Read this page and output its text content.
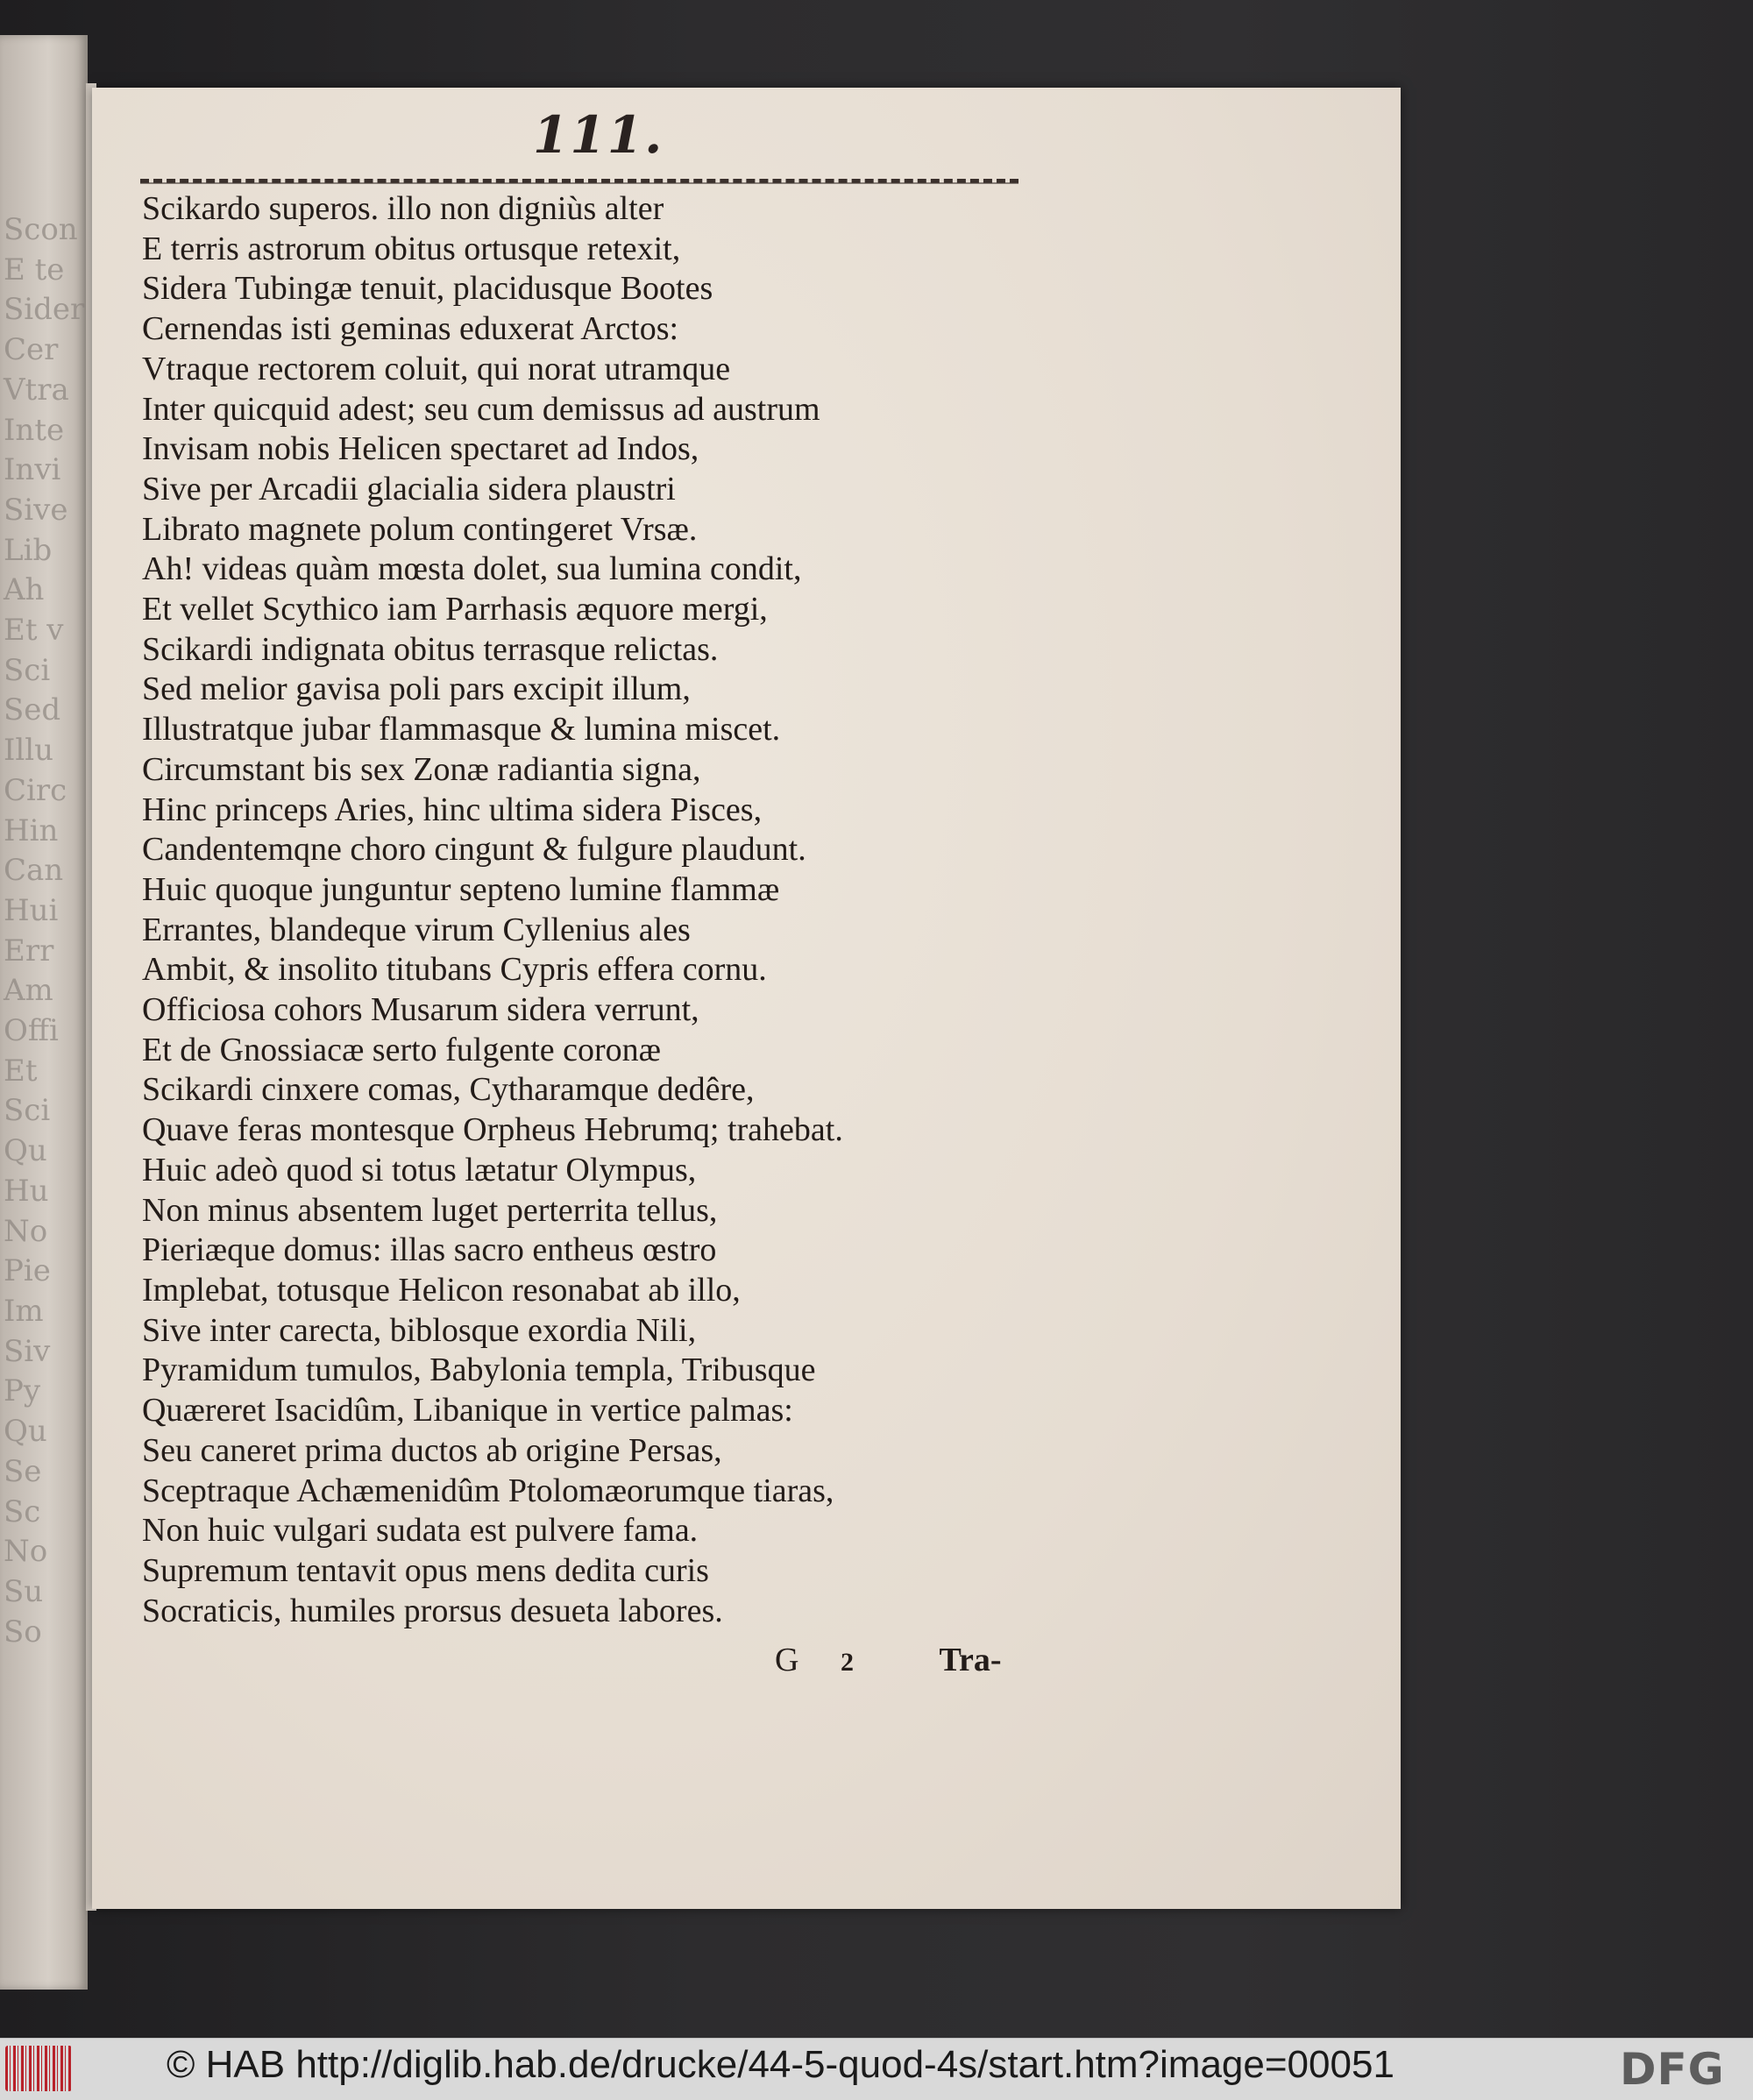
Scon
E te
Sider
Cer
Vtra
Inte
Invi
Sive
Lib
Ah
Et v
Sci
Sed
Illu
Circ
Hin
Can
Hui
Err
Am
Offi
Et
Sci
Qu
Hu
No
Pie
Im
Siv
Py
Qu
Se
Sc
No
Su
So
111.
Scikardo superos. illo non digniùs alter
E terris astrorum obitus ortusque retexit,
Sidera Tubingæ tenuit, placidusque Bootes
Cernendas isti geminas eduxerat Arctos:
Vtraque rectorem coluit, qui norat utramque
Inter quicquid adest; seu cum demissus ad austrum
Invisam nobis Helicen spectaret ad Indos,
Sive per Arcadii glacialia sidera plaustri
Librato magnete polum contingeret Vrsæ.
Ah! videas quàm mœsta dolet, sua lumina condit,
Et vellet Scythico iam Parrhasis æquore mergi,
Scikardi indignata obitus terrasque relictas.
Sed melior gavisa poli pars excipit illum,
Illustratque jubar flammasque & lumina miscet.
Circumstant bis sex Zonæ radiantia signa,
Hinc princeps Aries, hinc ultima sidera Pisces,
Candentemqne choro cingunt & fulgure plaudunt.
Huic quoque junguntur septeno lumine flammæ
Errantes, blandeque virum Cyllenius ales
Ambit, & insolito titubans Cypris effera cornu.
Officiosa cohors Musarum sidera verrunt,
Et de Gnossiacæ serto fulgente coronæ
Scikardi cinxere comas, Cytharamque dedêre,
Quave feras montesque Orpheus Hebrumq; trahebat.
Huic adeò quod si totus lætatur Olympus,
Non minus absentem luget perterrita tellus,
Pieriæque domus: illas sacro entheus œstro
Implebat, totusque Helicon resonabat ab illo,
Sive inter carecta, biblosque exordia Nili,
Pyramidum tumulos, Babylonia templa, Tribusque
Quæreret Isacidûm, Libanique in vertice palmas:
Seu caneret prima ductos ab origine Persas,
Sceptraque Achæmenidûm Ptolomæorumque tiaras,
Non huic vulgari sudata est pulvere fama.
Supremum tentavit opus mens dedita curis
Socraticis, humiles prorsus desueta labores.
G 2	Tra-
© HAB http://diglib.hab.de/drucke/44-5-quod-4s/start.htm?image=00051	DFG
